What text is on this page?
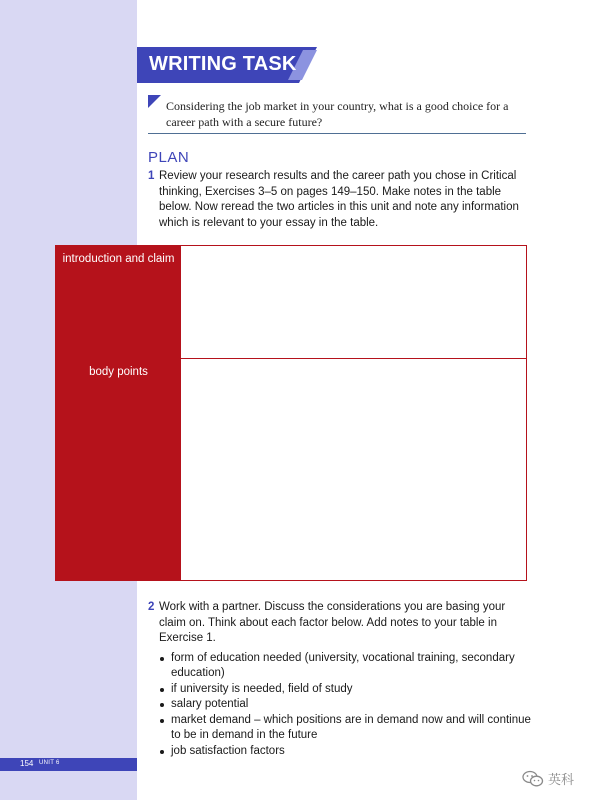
WRITING TASK
Considering the job market in your country, what is a good choice for a career path with a secure future?
PLAN
1 Review your research results and the career path you chose in Critical thinking, Exercises 3–5 on pages 149–150. Make notes in the table below. Now reread the two articles in this unit and note any information which is relevant to your essay in the table.
introduction and claim
body points
2 Work with a partner. Discuss the considerations you are basing your claim on. Think about each factor below. Add notes to your table in Exercise 1.
form of education needed (university, vocational training, secondary education)
if university is needed, field of study
salary potential
market demand – which positions are in demand now and will continue to be in demand in the future
job satisfaction factors
154 UNIT 6
英科
